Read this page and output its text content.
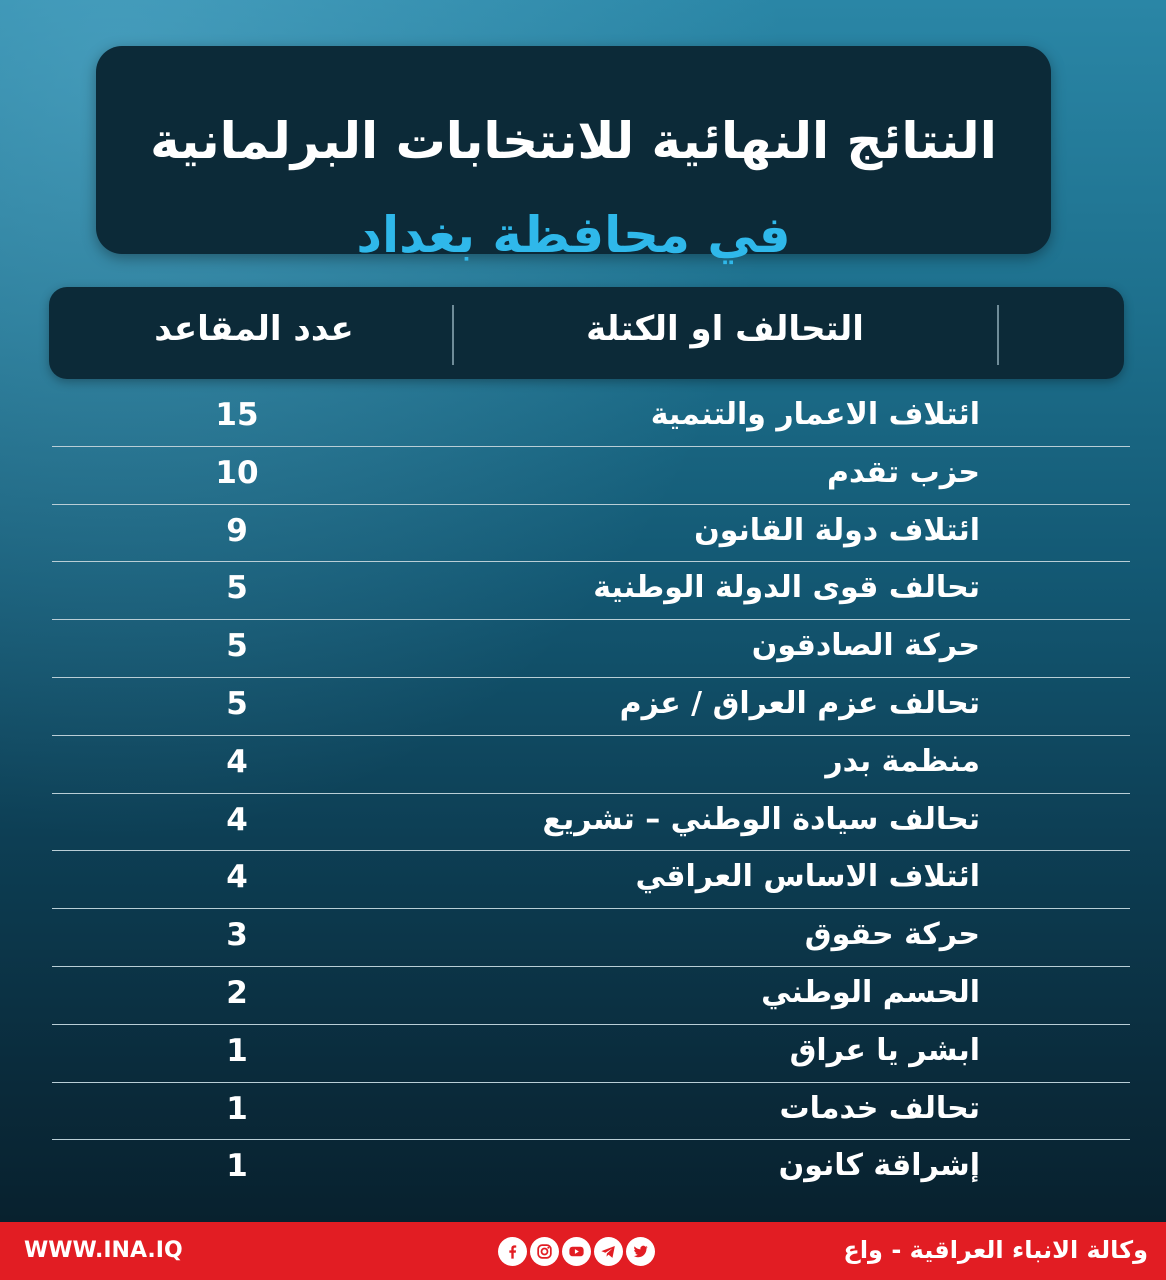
النتائج النهائية للانتخابات البرلمانية
في محافظة بغداد
التحالف او الكتلة
عدد المقاعد
ائتلاف الاعمار والتنمية
15
حزب تقدم
10
ائتلاف دولة القانون
9
تحالف قوى الدولة الوطنية
5
حركة الصادقون
5
تحالف عزم العراق / عزم
5
منظمة بدر
4
تحالف سيادة الوطني – تشريع
4
ائتلاف الاساس العراقي
4
حركة حقوق
3
الحسم الوطني
2
ابشر يا عراق
1
تحالف خدمات
1
إشراقة كانون
1
WWW.INA.IQ	وكالة الانباء العراقية - واع
